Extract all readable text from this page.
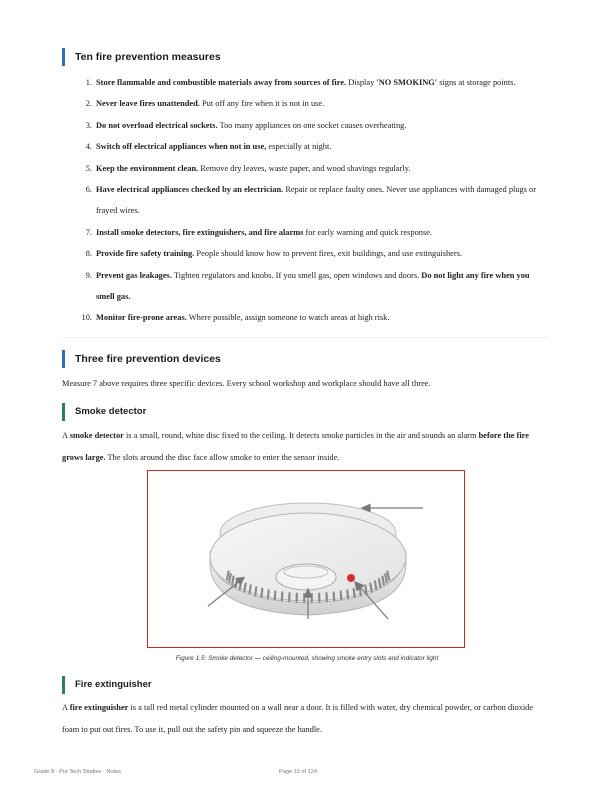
Ten fire prevention measures
1. Store flammable and combustible materials away from sources of fire. Display 'NO SMOKING' signs at storage points.
2. Never leave fires unattended. Put off any fire when it is not in use.
3. Do not overload electrical sockets. Too many appliances on one socket causes overheating.
4. Switch off electrical appliances when not in use, especially at night.
5. Keep the environment clean. Remove dry leaves, waste paper, and wood shavings regularly.
6. Have electrical appliances checked by an electrician. Repair or replace faulty ones. Never use appliances with damaged plugs or frayed wires.
7. Install smoke detectors, fire extinguishers, and fire alarms for early warning and quick response.
8. Provide fire safety training. People should know how to prevent fires, exit buildings, and use extinguishers.
9. Prevent gas leakages. Tighten regulators and knobs. If you smell gas, open windows and doors. Do not light any fire when you smell gas.
10. Monitor fire-prone areas. Where possible, assign someone to watch areas at high risk.
Three fire prevention devices

Measure 7 above requires three specific devices. Every school workshop and workplace should have all three.

Smoke detector

A smoke detector is a small, round, white disc fixed to the ceiling. It detects smoke particles in the air and sounds an alarm before the fire grows large. The slots around the disc face allow smoke to enter the sensor inside.

Figure 1.5: Smoke detector — ceiling-mounted, showing smoke entry slots and indicator light
Fire extinguisher

A fire extinguisher is a tall red metal cylinder mounted on a wall near a door. It is filled with water, dry chemical powder, or carbon dioxide foam to put out fires. To use it, pull out the safety pin and squeeze the handle.

Grade 8 · Pre Tech Studies · Notes	Page 10 of 124
